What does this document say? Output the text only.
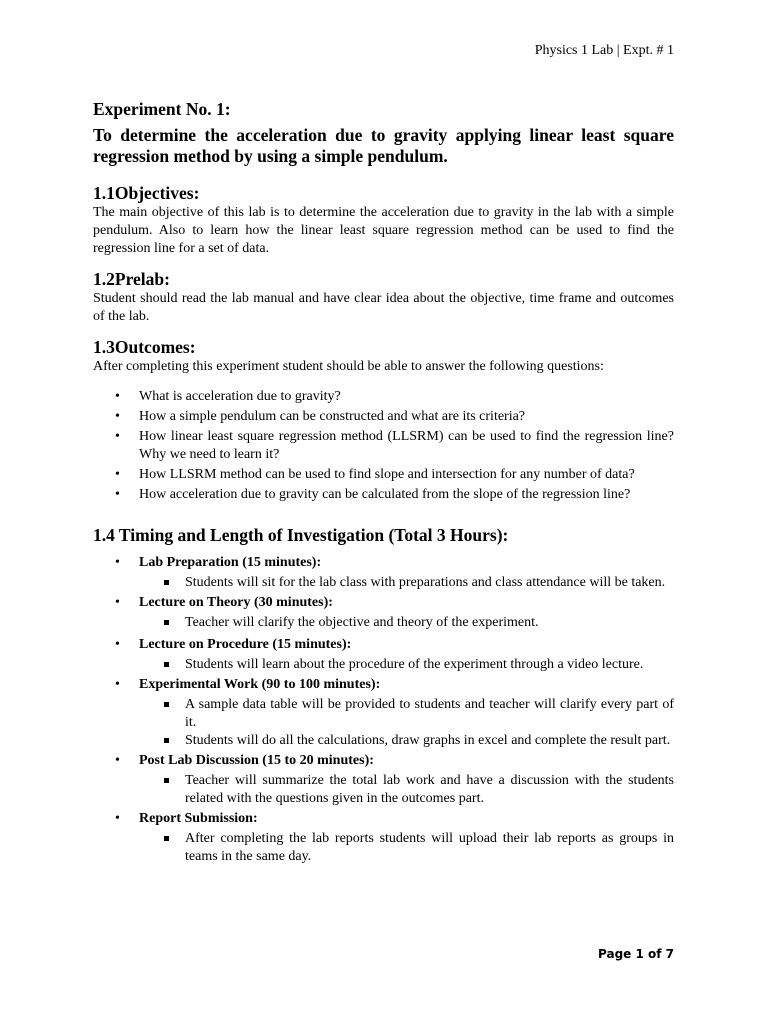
Physics 1 Lab | Expt. # 1
Experiment No. 1:
To determine the acceleration due to gravity applying linear least square regression method by using a simple pendulum.
1.1Objectives:

The main objective of this lab is to determine the acceleration due to gravity in the lab with a simple pendulum. Also to learn how the linear least square regression method can be used to find the regression line for a set of data.

1.2Prelab:

Student should read the lab manual and have clear idea about the objective, time frame and outcomes of the lab.

1.3Outcomes:

After completing this experiment student should be able to answer the following questions:

• What is acceleration due to gravity?
• How a simple pendulum can be constructed and what are its criteria?
• How linear least square regression method (LLSRM) can be used to find the regression line? Why we need to learn it?
• How LLSRM method can be used to find slope and intersection for any number of data?
• How acceleration due to gravity can be calculated from the slope of the regression line?
1.4 Timing and Length of Investigation (Total 3 Hours):
• Lab Preparation (15 minutes):
Students will sit for the lab class with preparations and class attendance will be taken.
• Lecture on Theory (30 minutes):
Teacher will clarify the objective and theory of the experiment.
• Lecture on Procedure (15 minutes):
Students will learn about the procedure of the experiment through a video lecture.
• Experimental Work (90 to 100 minutes):
A sample data table will be provided to students and teacher will clarify every part of it.
Students will do all the calculations, draw graphs in excel and complete the result part.
• Post Lab Discussion (15 to 20 minutes):
Teacher will summarize the total lab work and have a discussion with the students related with the questions given in the outcomes part.
• Report Submission:
After completing the lab reports students will upload their lab reports as groups in teams in the same day.
Page 1 of 7
